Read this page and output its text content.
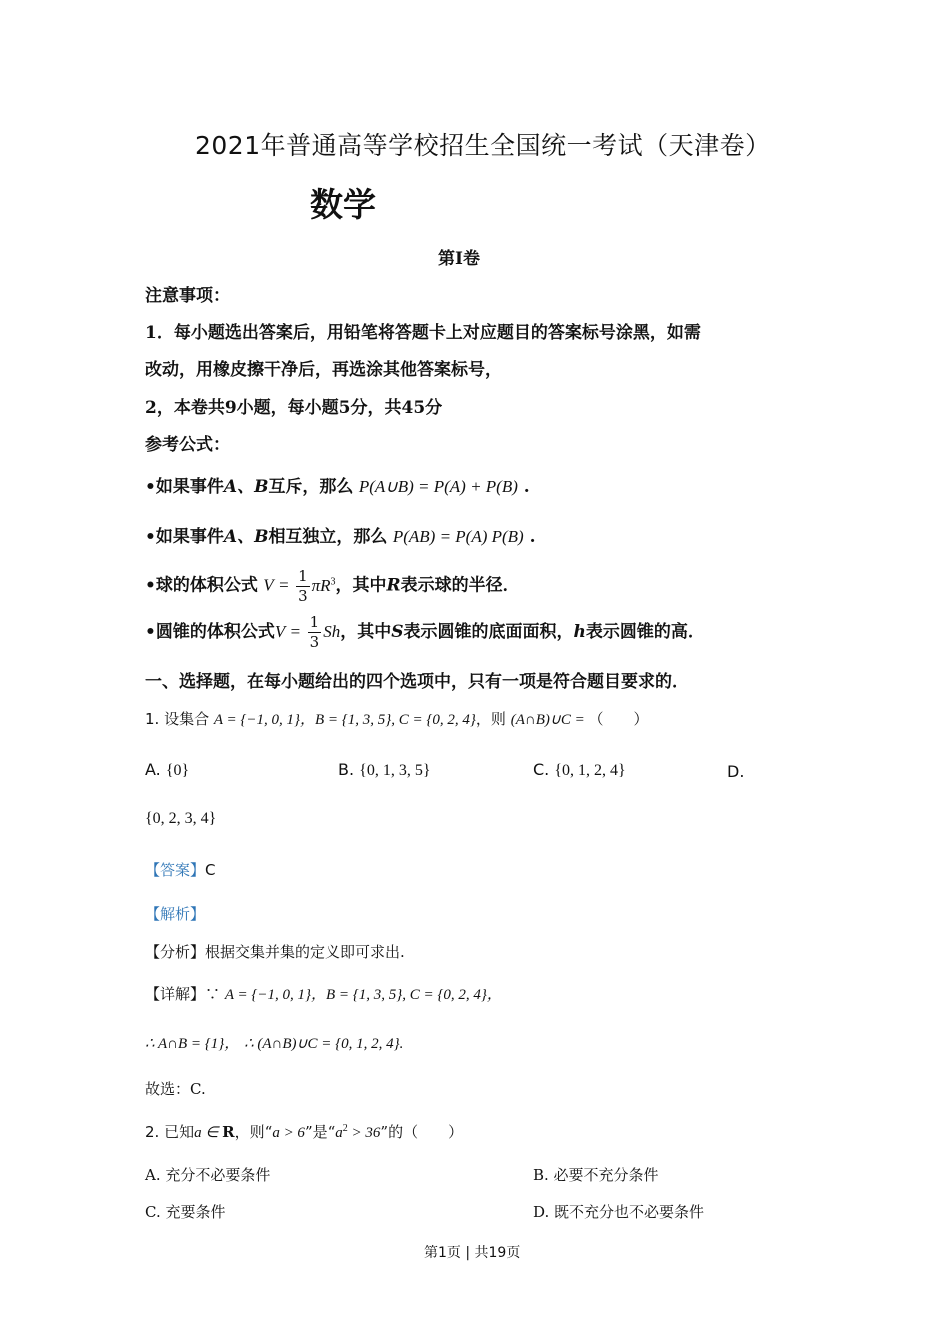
2021年普通高等学校招生全国统一考试（天津卷）
数学
第I卷
注意事项：
1．每小题选出答案后，用铅笔将答题卡上对应题目的答案标号涂黑，如需
改动，用橡皮擦干净后，再选涂其他答案标号，
2，本卷共9小题，每小题5分，共45分
参考公式：
•如果事件A、B互斥，那么 P(A∪B) = P(A) + P(B) .
•如果事件A、B相互独立，那么 P(AB) = P(A) P(B) .
•球的体积公式 $V = \frac{1}{3} \pi R^3$，其中R表示球的半径．
•圆锥的体积公式$V = \frac{1}{3}$ Sh，其中S表示圆锥的底面面积，h表示圆锥的高．
一、选择题，在每小题给出的四个选项中，只有一项是符合题目要求的．
1. 设集合 A = {−1, 0, 1}，B = {1, 3, 5}, C = {0, 2, 4}，则 (A∩B)∪C = （　　）
A. {0}	B. {0, 1, 3, 5}	C. {0, 1, 2, 4}	D.
{0, 2, 3, 4}
【答案】C
【解析】
【分析】根据交集并集的定义即可求出.
【详解】∵ A = {−1, 0, 1}，B = {1, 3, 5}, C = {0, 2, 4}，
∴ A∩B = {1}， ∴ (A∩B)∪C = {0, 1, 2, 4}.
故选：C.
2. 已知a ∈ R，则“a > 6”是“$a^2 > 36$”的（　　）
A. 充分不必要条件	B. 必要不充分条件
C. 充要条件	D. 既不充分也不必要条件
第1页 | 共19页
